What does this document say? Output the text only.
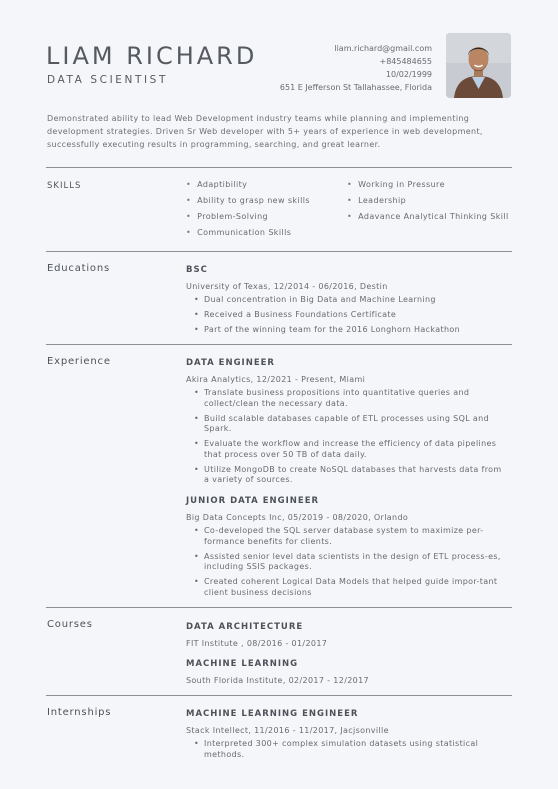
LIAM RICHARD
DATA SCIENTIST
liam.richard@gmail.com
+845484655
10/02/1999
651 E Jefferson St Tallahassee, Florida

Demonstrated ability to lead Web Development industry teams while planning and implementing development strategies. Driven Sr Web developer with 5+ years of experience in web development, successfully executing results in programming, searching, and great learner.

SKILLS
•	Adaptibility
• Ability to grasp new skills
• Problem-Solving
• Communication Skills
• Working in Pressure
• Leadership
• Adavance Analytical Thinking Skill
Educations	BSC
University of Texas, 12/2014 - 06/2016, Destin
• Dual concentration in Big Data and Machine Learning
• Received a Business Foundations Certificate
• Part of the winning team for the 2016 Longhorn Hackathon
Experience	DATA ENGINEER
Akira Analytics, 12/2021 - Present, Miami
• Translate business propositions into quantitative queries and collect/clean the necessary data.
• Build scalable databases capable of ETL processes using SQL and Spark.
• Evaluate the workflow and increase the efficiency of data pipelines that process over 50 TB of data daily.
• Utilize MongoDB to create NoSQL databases that harvests data from a variety of sources.
JUNIOR DATA ENGINEER
Big Data Concepts Inc, 05/2019 - 08/2020, Orlando
• Co-developed the SQL server database system to maximize per-formance benefits for clients.
• Assisted senior level data scientists in the design of ETL process-es, including SSIS packages.
• Created coherent Logical Data Models that helped guide impor-tant client business decisions
Courses	DATA ARCHITECTURE
FIT Institute , 08/2016 - 01/2017
MACHINE LEARNING
South Florida Institute, 02/2017 - 12/2017
Internships	MACHINE LEARNING ENGINEER
Stack Intellect, 11/2016 - 11/2017, Jacjsonville
• Interpreted 300+ complex simulation datasets using statistical methods.
